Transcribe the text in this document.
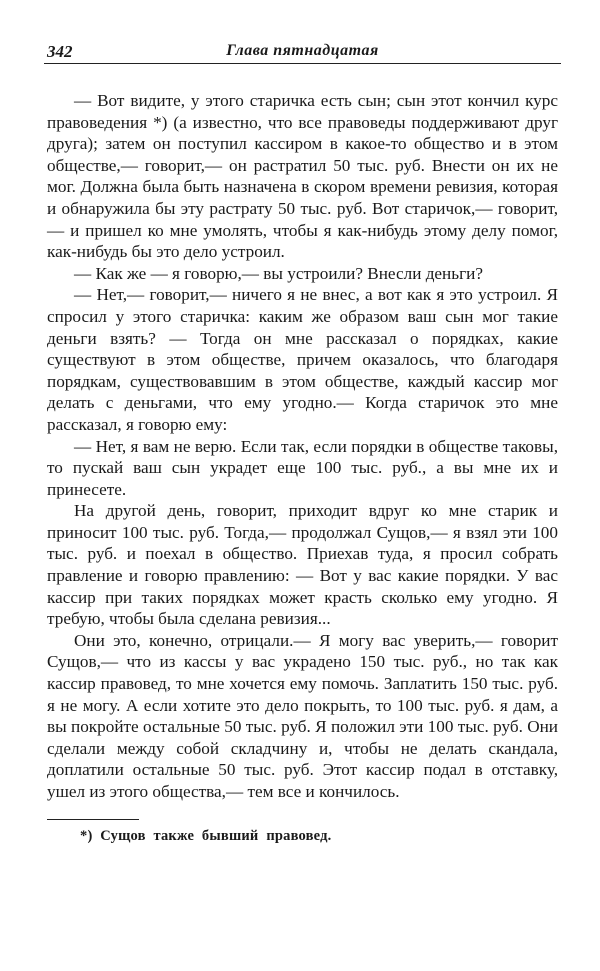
342	Глава пятнадцатая

— Вот видите, у этого старичка есть сын; сын этот кончил курс правоведения *) (а известно, что все правоведы поддерживают друг друга); затем он поступил кассиром в какое-то общество и в этом обществе,— говорит,— он растратил 50 тыс. руб. Внести он их не мог. Должна была быть назначена в скором времени ревизия, которая и обнаружила бы эту растрату 50 тыс. руб. Вот старичок,— говорит,— и пришел ко мне умолять, чтобы я как-нибудь этому делу помог, как-нибудь бы это дело устроил.

— Как же — я говорю,— вы устроили? Внесли деньги?

— Нет,— говорит,— ничего я не внес, а вот как я это устроил. Я спросил у этого старичка: каким же образом ваш сын мог такие деньги взять? — Тогда он мне рассказал о порядках, какие существуют в этом обществе, причем оказалось, что благодаря порядкам, существовавшим в этом обществе, каждый кассир мог делать с деньгами, что ему угодно.— Когда старичок это мне рассказал, я говорю ему:

— Нет, я вам не верю. Если так, если порядки в обществе таковы, то пускай ваш сын украдет еще 100 тыс. руб., а вы мне их и принесете.

На другой день, говорит, приходит вдруг ко мне старик и приносит 100 тыс. руб. Тогда,— продолжал Сущов,— я взял эти 100 тыс. руб. и поехал в общество. Приехав туда, я просил собрать правление и говорю правлению: — Вот у вас какие порядки. У вас кассир при таких порядках может красть сколько ему угодно. Я требую, чтобы была сделана ревизия...

Они это, конечно, отрицали.— Я могу вас уверить,— говорит Сущов,— что из кассы у вас украдено 150 тыс. руб., но так как кассир правовед, то мне хочется ему помочь. Заплатить 150 тыс. руб. я не могу. А если хотите это дело покрыть, то 100 тыс. руб. я дам, а вы покройте остальные 50 тыс. руб. Я положил эти 100 тыс. руб. Они сделали между собой складчину и, чтобы не делать скандала, доплатили остальные 50 тыс. руб. Этот кассир подал в отставку, ушел из этого общества,— тем все и кончилось.

*) Сущов также бывший правовед.
